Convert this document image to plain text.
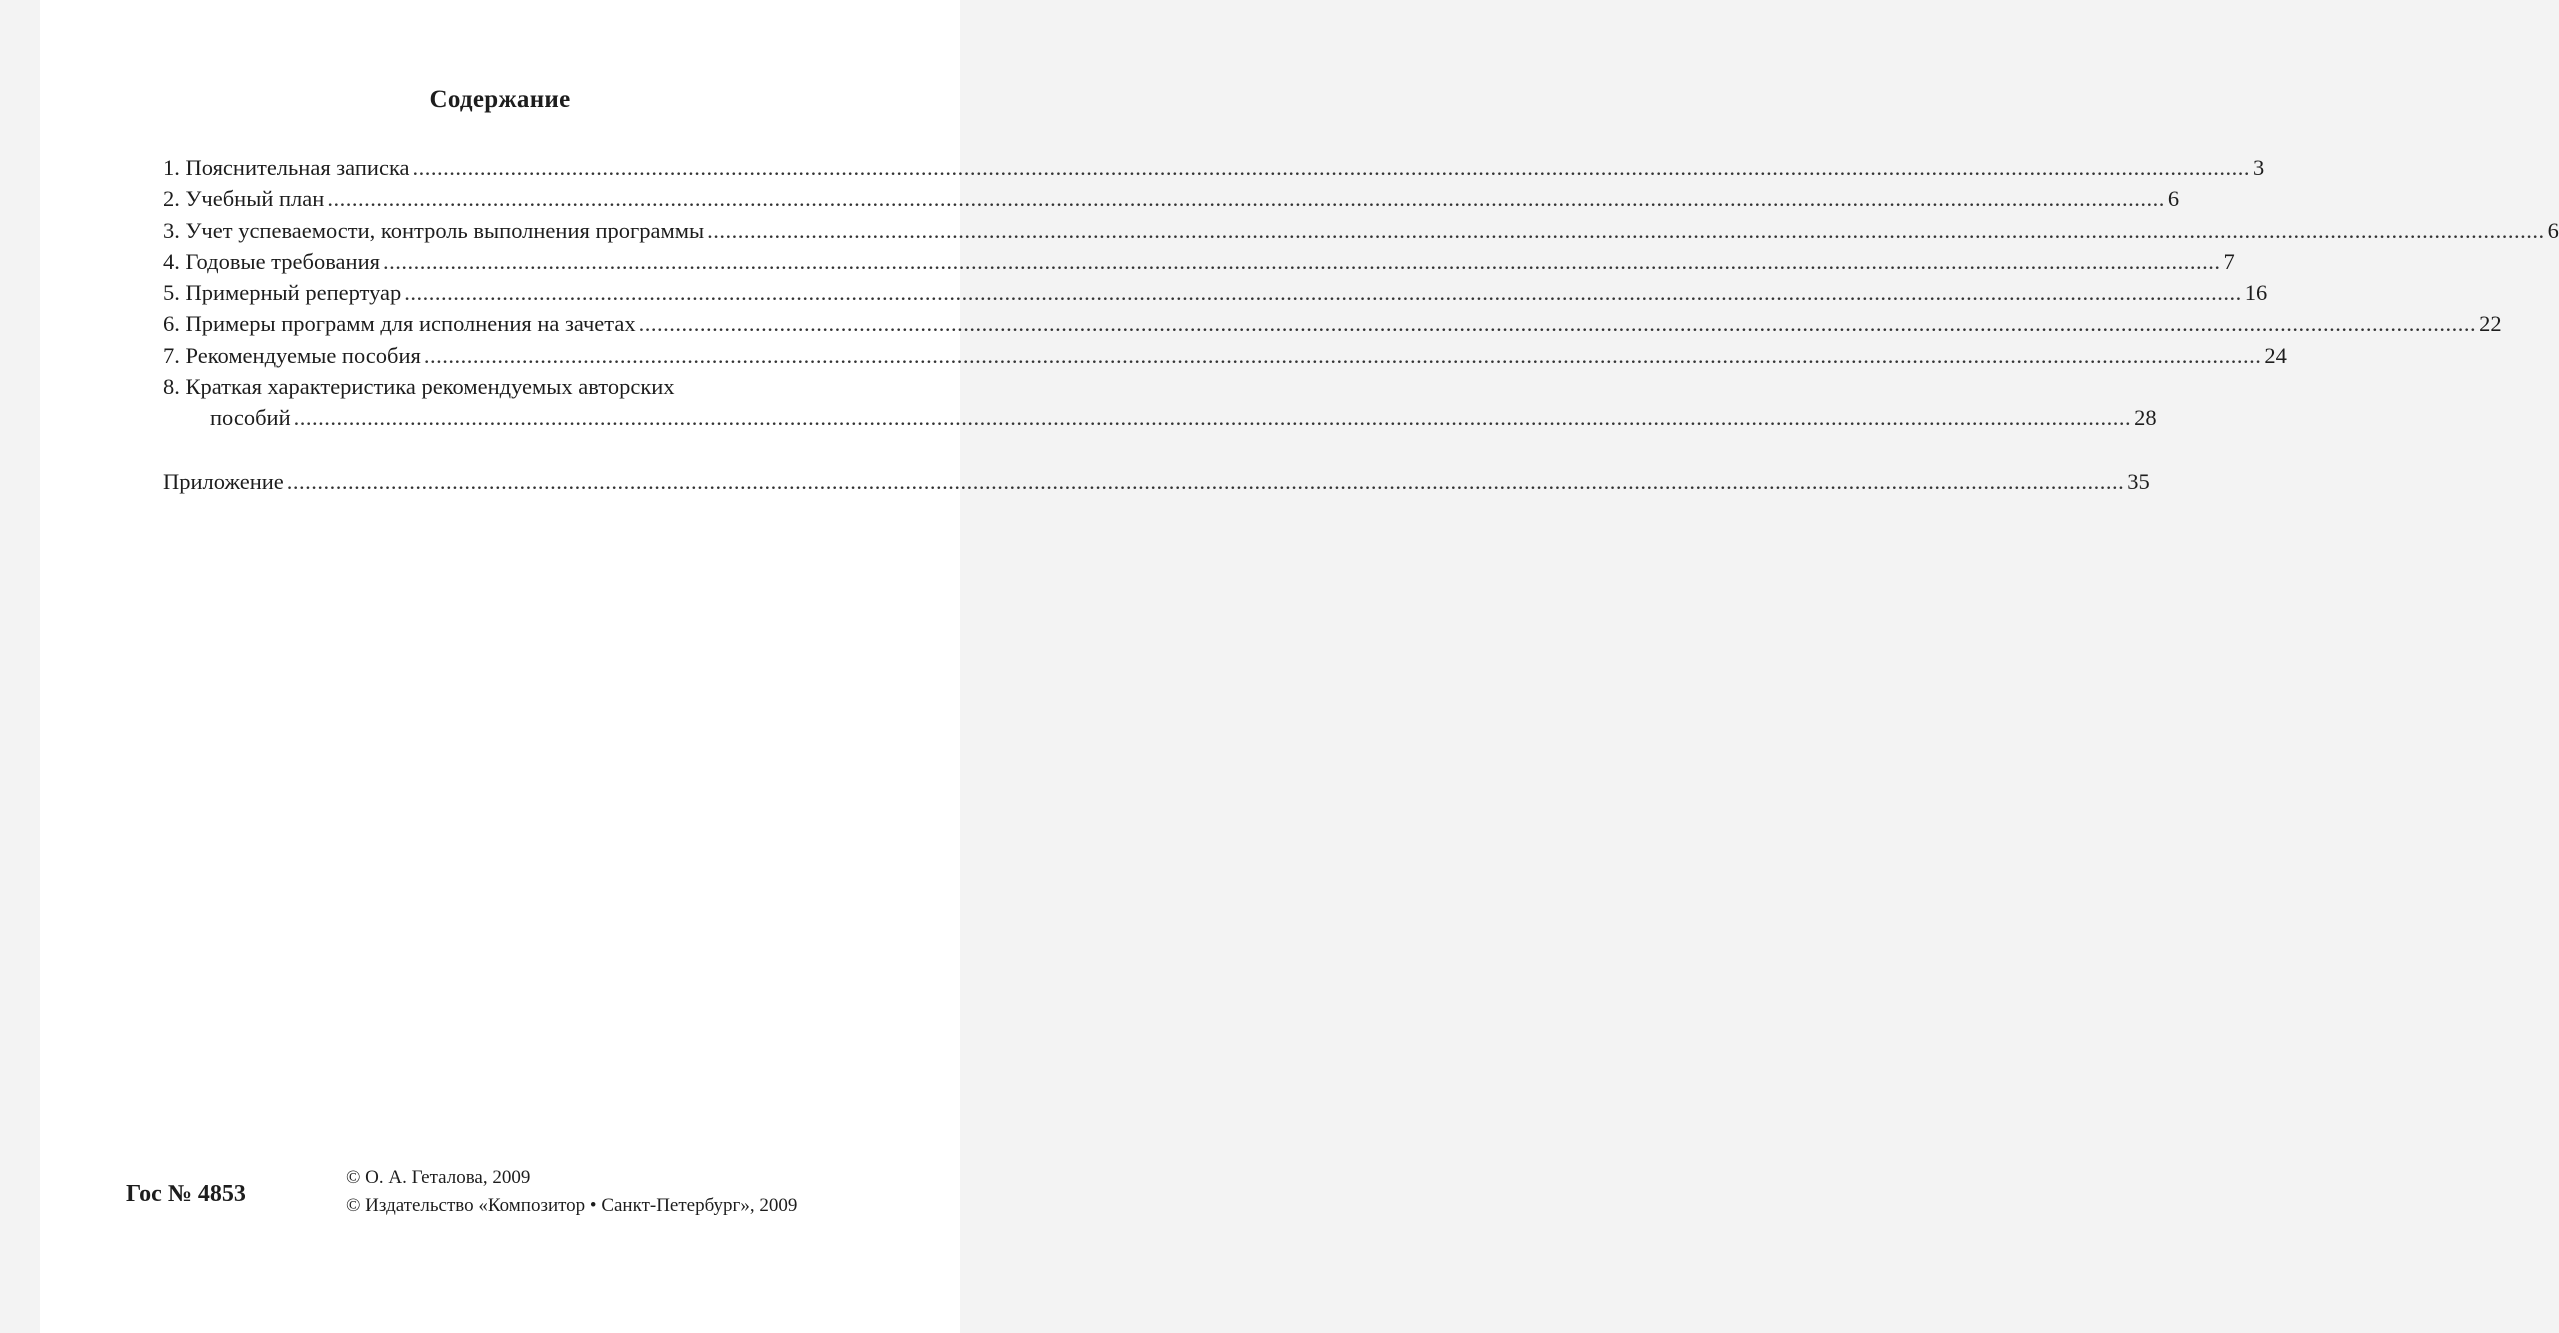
Содержание
1. Пояснительная записка ............................................................................................................................................................................................................................................................................................................ 3
2. Учебный план ............................................................................................................................................................................................................................................................................................................ 6
3. Учет успеваемости, контроль выполнения программы ............................................................................................................................................................................................................................................................................................................ 6
4. Годовые требования ............................................................................................................................................................................................................................................................................................................ 7
5. Примерный репертуар ............................................................................................................................................................................................................................................................................................................ 16
6. Примеры программ для исполнения на зачетах ............................................................................................................................................................................................................................................................................................................ 22
7. Рекомендуемые пособия ............................................................................................................................................................................................................................................................................................................ 24
8. Краткая характеристика рекомендуемых авторских
пособий ............................................................................................................................................................................................................................................................................................................ 28
Приложение ............................................................................................................................................................................................................................................................................................................ 35
Гос № 4853
© О. А. Геталова, 2009
© Издательство «Композитор • Санкт-Петербург», 2009
